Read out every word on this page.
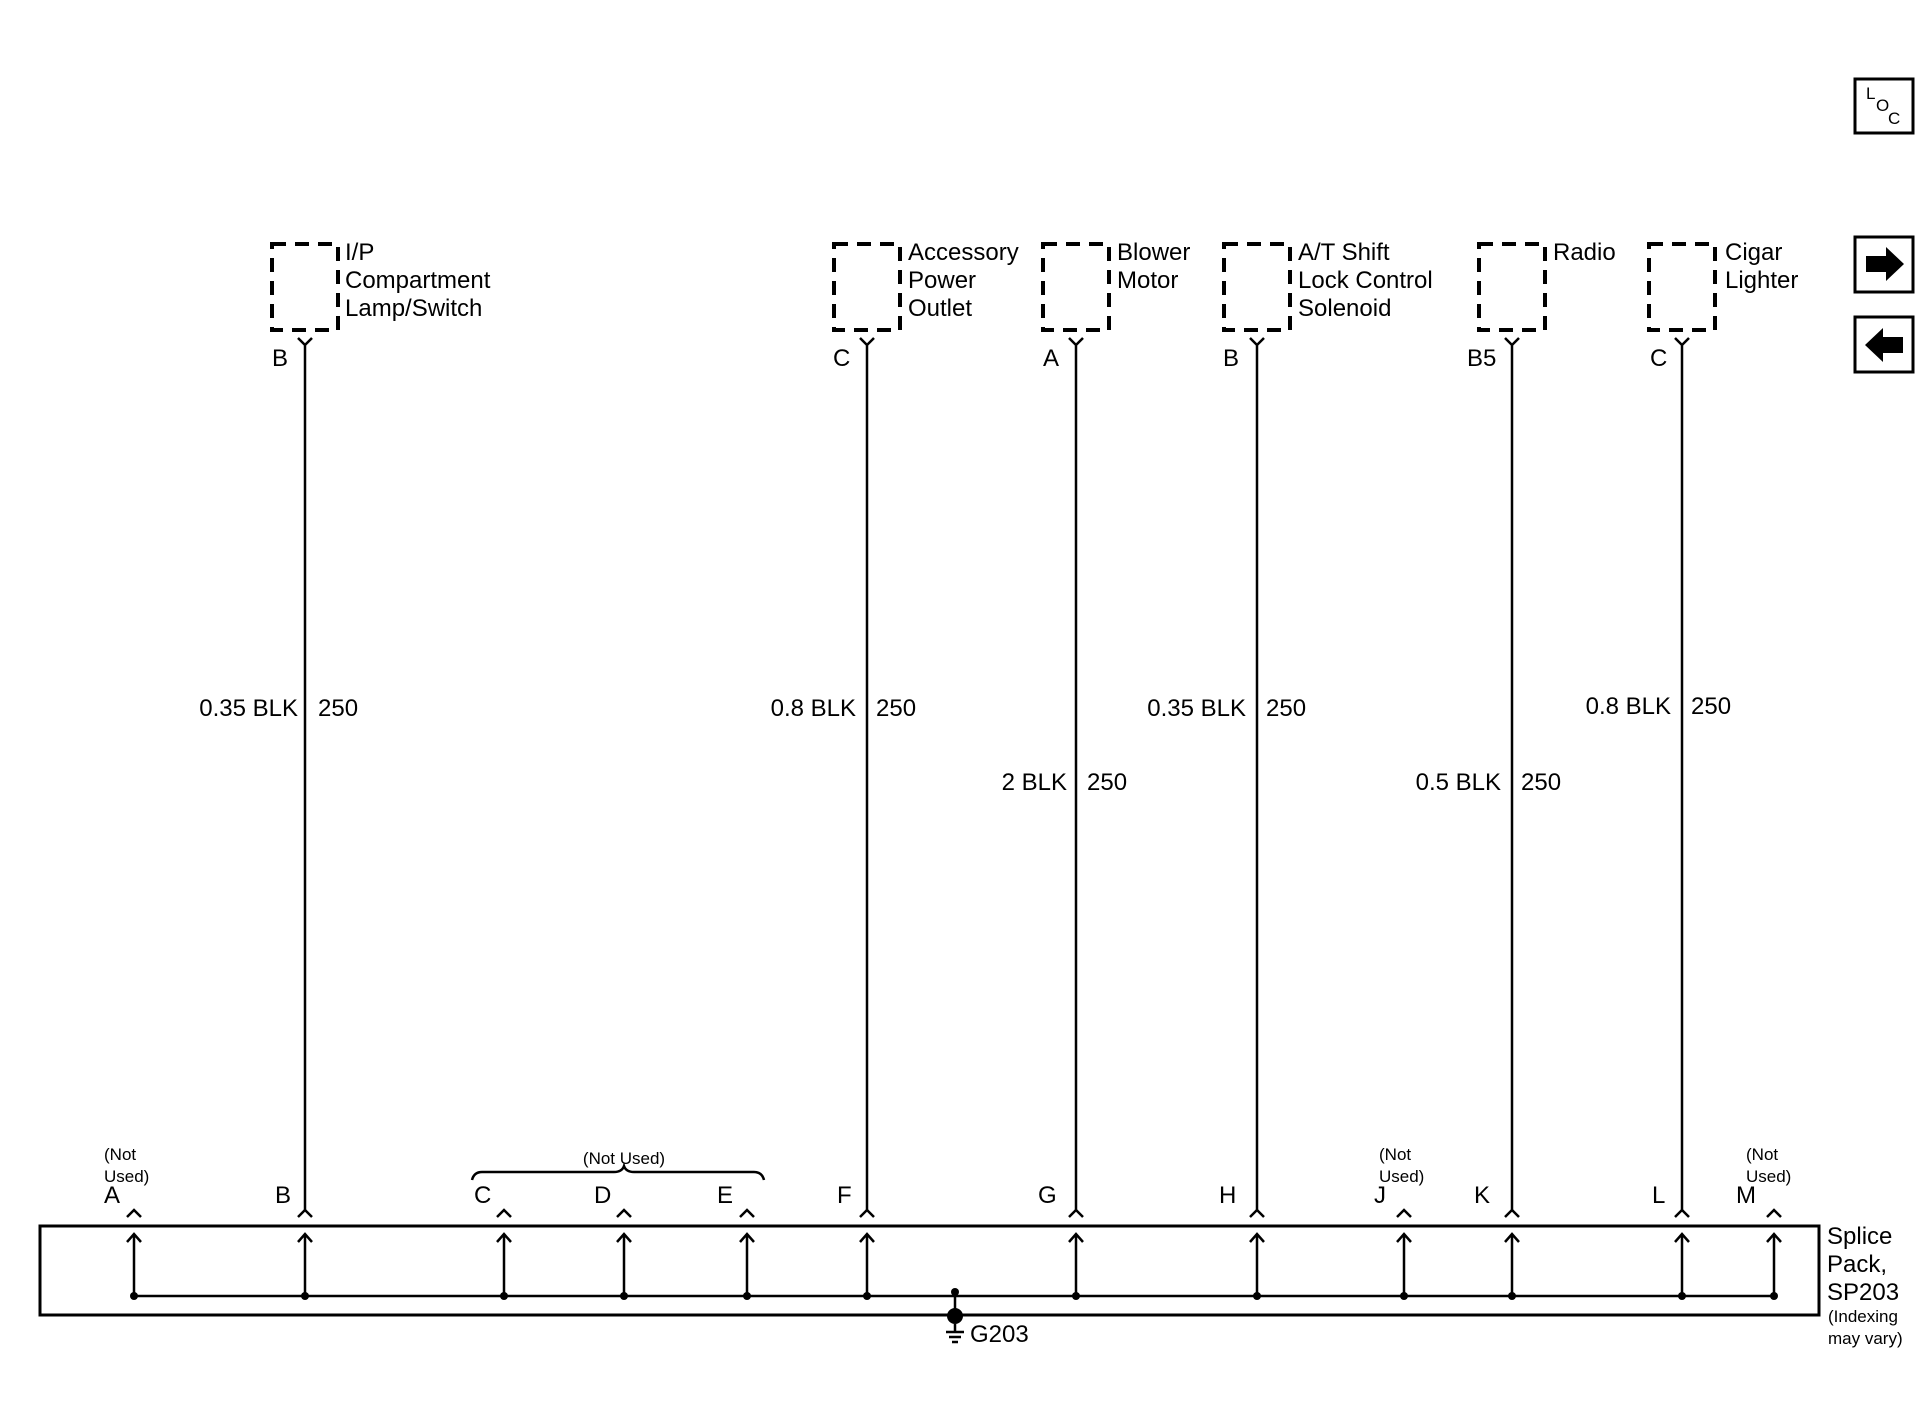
L
O
C
I/P
Compartment
Lamp/Switch
B
Accessory
Power
Outlet
C
Blower
Motor
A
A/T Shift
Lock Control
Solenoid
B
Radio
B5
Cigar
Lighter
C
0.35 BLK 250	0.8 BLK 250
2 BLK 250
0.35 BLK 250
0.5 BLK 250
0.8 BLK 250
Splice
Pack,
SP203
(Indexing
may vary)
A	B	C	D	E	F	G	H	J	K	L	M
(Not
Used)
(Not
Used)
(Not
Used)
(Not Used)
G203
